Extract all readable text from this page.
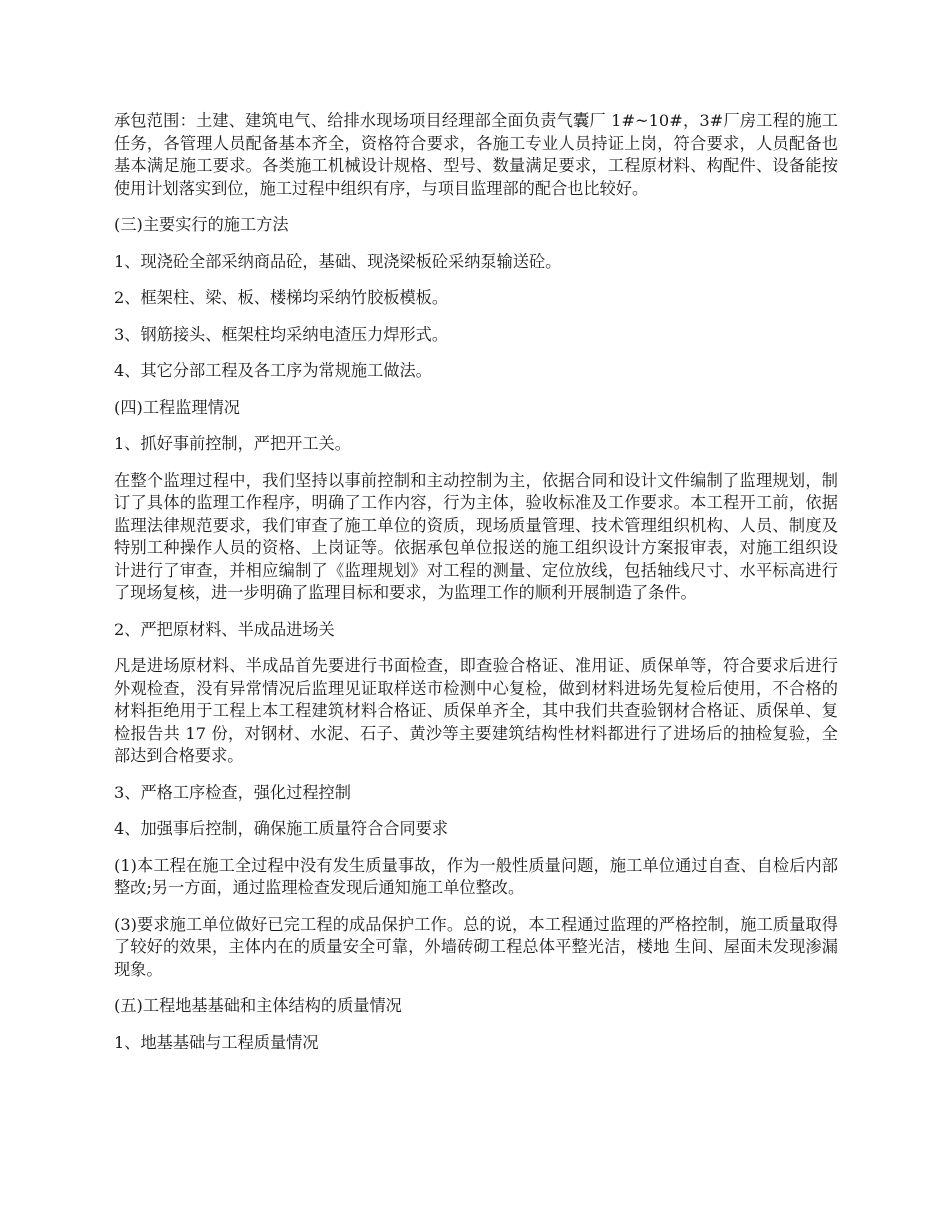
承包范围：土建、建筑电气、给排水现场项目经理部全面负责气囊厂 1#~10#，3#厂房工程的施工任务，各管理人员配备基本齐全，资格符合要求，各施工专业人员持证上岗，符合要求，人员配备也基本满足施工要求。各类施工机械设计规格、型号、数量满足要求，工程原材料、构配件、设备能按使用计划落实到位，施工过程中组织有序，与项目监理部的配合也比较好。

(三)主要实行的施工方法

1、现浇砼全部采纳商品砼，基础、现浇梁板砼采纳泵输送砼。

2、框架柱、梁、板、楼梯均采纳竹胶板模板。

3、钢筋接头、框架柱均采纳电渣压力焊形式。

4、其它分部工程及各工序为常规施工做法。

(四)工程监理情况

1、抓好事前控制，严把开工关。

在整个监理过程中，我们坚持以事前控制和主动控制为主，依据合同和设计文件编制了监理规划，制订了具体的监理工作程序，明确了工作内容，行为主体，验收标准及工作要求。本工程开工前，依据监理法律规范要求，我们审查了施工单位的资质，现场质量管理、技术管理组织机构、人员、制度及特别工种操作人员的资格、上岗证等。依据承包单位报送的施工组织设计方案报审表，对施工组织设计进行了审查，并相应编制了《监理规划》对工程的测量、定位放线，包括轴线尺寸、水平标高进行了现场复核，进一步明确了监理目标和要求，为监理工作的顺利开展制造了条件。

2、严把原材料、半成品进场关

凡是进场原材料、半成品首先要进行书面检查，即查验合格证、准用证、质保单等，符合要求后进行外观检查，没有异常情况后监理见证取样送市检测中心复检，做到材料进场先复检后使用，不合格的材料拒绝用于工程上本工程建筑材料合格证、质保单齐全，其中我们共查验钢材合格证、质保单、复检报告共 17 份，对钢材、水泥、石子、黄沙等主要建筑结构性材料都进行了进场后的抽检复验，全部达到合格要求。

3、严格工序检查，强化过程控制

4、加强事后控制，确保施工质量符合合同要求

(1)本工程在施工全过程中没有发生质量事故，作为一般性质量问题，施工单位通过自查、自检后内部整改;另一方面，通过监理检查发现后通知施工单位整改。

(3)要求施工单位做好已完工程的成品保护工作。总的说，本工程通过监理的严格控制，施工质量取得了较好的效果，主体内在的质量安全可靠，外墙砖砌工程总体平整光洁，楼地 生间、屋面未发现渗漏现象。

(五)工程地基基础和主体结构的质量情况

1、地基基础与工程质量情况
